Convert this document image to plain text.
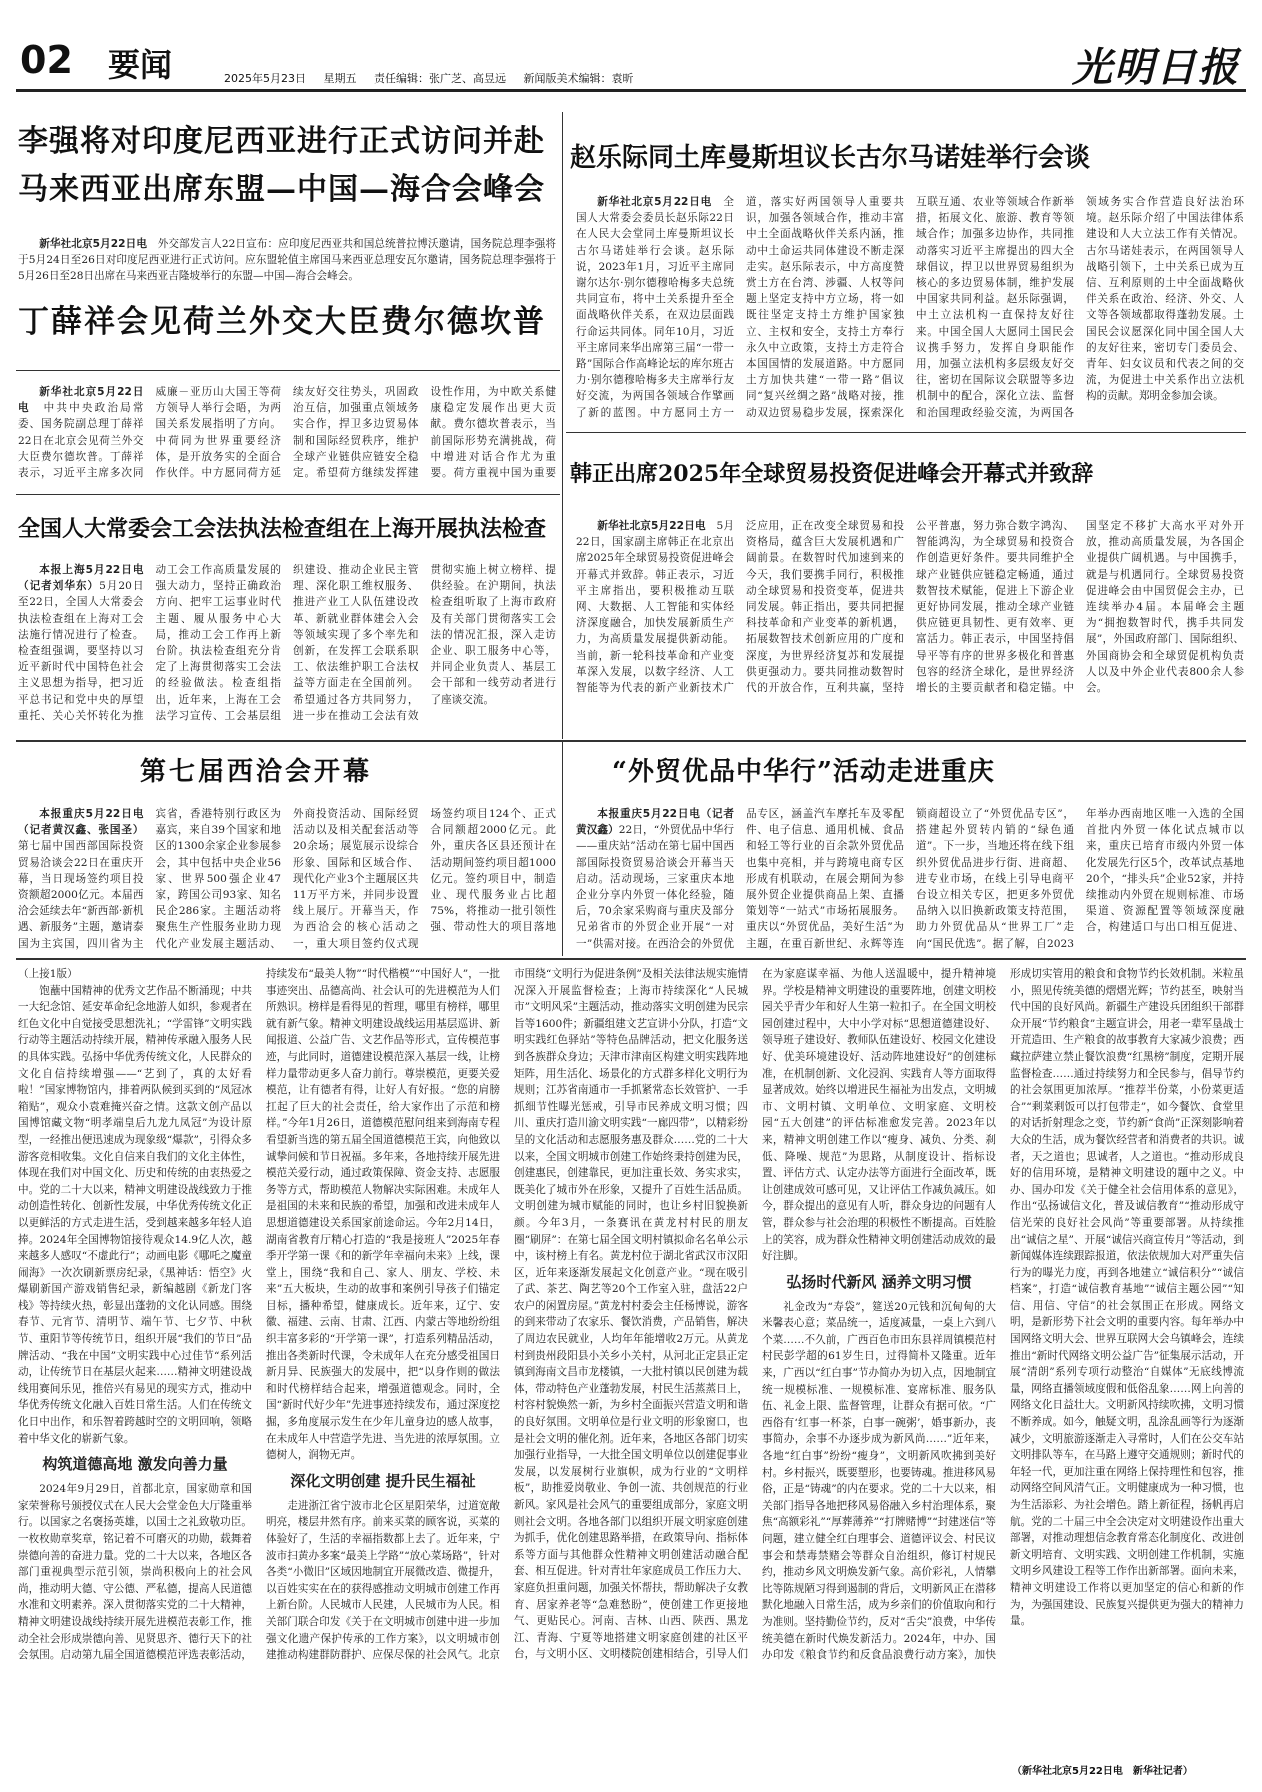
02 要闻	2025年5月23日 星期五 责任编辑：张广芝、高昱远 新闻版美术编辑：袁昕	光明日报
李强将对印度尼西亚进行正式访问并赴
马来西亚出席东盟—中国—海合会峰会

新华社北京5月22日电　 外交部发言人22日宣布：应印度尼西亚共和国总统普拉博沃邀请，国务院总理李强将于5月24日至26日对印度尼西亚进行正式访问。应东盟轮值主席国马来西亚总理安瓦尔邀请，国务院总理李强将于5月26日至28日出席在马来西亚吉隆坡举行的东盟—中国—海合会峰会。

丁薛祥会见荷兰外交大臣费尔德坎普

新华社北京5月22日电　 中共中央政治局常委、国务院副总理丁薛祥22日在北京会见荷兰外交大臣费尔德坎普。丁薛祥表示，习近平主席多次同威廉－亚历山大国王等荷方领导人举行会晤，为两国关系发展指明了方向。中荷同为世界重要经济体，是开放务实的全面合作伙伴。中方愿同荷方延续友好交往势头，巩固政治互信，加强重点领域务实合作，捍卫多边贸易体制和国际经贸秩序，维护全球产业链供应链安全稳定。希望荷方继续发挥建设性作用，为中欧关系健康稳定发展作出更大贡献。费尔德坎普表示，当前国际形势充满挑战，荷中增进对话合作尤为重要。荷方重视中国为重要

全国人大常委会工会法执法检查组在上海开展执法检查

本报上海5月22日电（记者刘华东）5月20日至22日，全国人大常委会执法检查组在上海对工会法施行情况进行了检查。检查组强调，要坚持以习近平新时代中国特色社会主义思想为指导，把习近平总书记和党中央的厚望重托、关心关怀转化为推动工会工作高质量发展的强大动力，坚持正确政治方向、把牢工运事业时代主题、履从服务中心大局，推动工会工作再上新台阶。执法检查组充分肯定了上海贯彻落实工会法的经验做法。检查组指出，近年来，上海在工会法学习宣传、工会基层组织建设、推动企业民主管理、深化职工维权服务、推进产业工人队伍建设改革、新就业群体建会入会等领域实现了多个率先和创新，在发挥工会联系职工、依法维护职工合法权益等方面走在全国前列。希望通过各方共同努力，进一步在推动工会法有效贯彻实施上树立榜样、提供经验。在沪期间，执法检查组听取了上海市政府及有关部门贯彻落实工会法的情况汇报，深入走访企业、职工服务中心等，并同企业负责人、基层工会干部和一线劳动者进行了座谈交流。

赵乐际同土库曼斯坦议长古尔马诺娃举行会谈

新华社北京5月22日电　 全国人大常委会委员长赵乐际22日在人民大会堂同土库曼斯坦议长古尔马诺娃举行会谈。赵乐际说，2023年1月，习近平主席同谢尔达尔·别尔德穆哈梅多夫总统共同宣布，将中土关系提升至全面战略伙伴关系，在双边层面践行命运共同体。同年10月，习近平主席同来华出席第三届“一带一路”国际合作高峰论坛的库尔班古力·别尔德穆哈梅多夫主席举行友好交流，为两国各领域合作擘画了新的蓝图。中方愿同土方一道，落实好两国领导人重要共识，加强各领域合作，推动丰富中土全面战略伙伴关系内涵，推动中土命运共同体建设不断走深走实。赵乐际表示，中方高度赞赏土方在台湾、涉疆、人权等问题上坚定支持中方立场，将一如既往坚定支持土方维护国家独立、主权和安全，支持土方奉行永久中立政策，支持土方走符合本国国情的发展道路。中方愿同土方加快共建“一带一路”倡议同“复兴丝绸之路”战略对接，推动双边贸易稳步发展，探索深化互联互通、农业等领域合作新举措，拓展文化、旅游、教育等领域合作；加强多边协作，共同推动落实习近平主席提出的四大全球倡议，捍卫以世界贸易组织为核心的多边贸易体制，维护发展中国家共同利益。赵乐际强调，中土立法机构一直保持友好往来。中国全国人大愿同土国民会议携手努力，发挥自身职能作用，加强立法机构多层级友好交往，密切在国际议会联盟等多边机制中的配合，深化立法、监督和治国理政经验交流，为两国各领域务实合作营造良好法治环境。赵乐际介绍了中国法律体系建设和人大立法工作有关情况。古尔马诺娃表示，在两国领导人战略引领下，土中关系已成为互信、互利原则的土中全面战略伙伴关系在政治、经济、外交、人文等各领域都取得蓬勃发展。土国民会议愿深化同中国全国人大的友好往来，密切专门委员会、青年、妇女议员和代表之间的交流，为促进土中关系作出立法机构的贡献。郑明金参加会谈。

韩正出席2025年全球贸易投资促进峰会开幕式并致辞

新华社北京5月22日电　 5月22日，国家副主席韩正在北京出席2025年全球贸易投资促进峰会开幕式并致辞。韩正表示，习近平主席指出，要积极推动互联网、大数据、人工智能和实体经济深度融合，加快发展新质生产力，为高质量发展提供新动能。当前，新一轮科技革命和产业变革深入发展，以数字经济、人工智能等为代表的新产业新技术广泛应用，正在改变全球贸易和投资格局，蕴含巨大发展机遇和广阔前景。在数智时代加速到来的今天，我们要携手同行，积极推动全球贸易和投资变革，促进共同发展。韩正指出，要共同把握科技革命和产业变革的新机遇，拓展数智技术创新应用的广度和深度，为世界经济复苏和发展提供更强动力。要共同推动数智时代的开放合作，互利共赢，坚持公平普惠，努力弥合数字鸿沟、智能鸿沟，为全球贸易和投资合作创造更好条件。要共同维护全球产业链供应链稳定畅通，通过数智技术赋能，促进上下游企业更好协同发展，推动全球产业链供应链更具韧性、更有效率、更富活力。韩正表示，中国坚持倡导平等有序的世界多极化和普惠包容的经济全球化，是世界经济增长的主要贡献者和稳定锚。中国坚定不移扩大高水平对外开放，推动高质量发展，为各国企业提供广阔机遇。与中国携手，就是与机遇同行。全球贸易投资促进峰会由中国贸促会主办，已连续举办4届。本届峰会主题为“拥抱数智时代，携手共同发展”，外国政府部门、国际组织、外国商协会和全球贸促机构负责人以及中外企业代表800余人参会。

第七届西洽会开幕

本报重庆5月22日电（记者黄汉鑫、张国圣）第七届中国西部国际投资贸易洽谈会22日在重庆开幕，当日现场签约项目投资额超2000亿元。本届西洽会延续去年“新西部·新机遇、新服务”主题，邀请泰国为主宾国，四川省为主宾省，香港特别行政区为嘉宾，来自39个国家和地区的1300余家企业参展参会，其中包括中央企业56家、世界500强企业47家，跨国公司93家、知名民企286家。主题活动将聚焦生产性服务业助力现代化产业发展主题活动、外商投资活动、国际经贸活动以及相关配套活动等20余场；展览展示设综合形象、国际和区域合作、现代化产业3个主题展区共11万平方米，并同步设置线上展厅。开幕当天，作为西洽会的核心活动之一，重大项目签约仪式现场签约项目124个、正式合同额超2000亿元。此外，重庆各区县还预计在活动期间签约项目超1000亿元。签约项目中，制造业、现代服务业占比超75%，将推动一批引领性强、带动性大的项目落地

“外贸优品中华行”活动走进重庆

本报重庆5月22日电（记者黄汉鑫）22日，“外贸优品中华行——重庆站”活动在第七届中国西部国际投资贸易洽谈会开幕当天启动。活动现场，三家重庆本地企业分享内外贸一体化经验，随后，70余家采购商与重庆及部分兄弟省市的外贸企业开展“一对一”供需对接。在西洽会的外贸优品专区，涵盖汽车摩托车及零配件、电子信息、通用机械、食品和轻工等行业的百余款外贸优品也集中亮相，并与跨境电商专区形成有机联动，在展会期间为参展外贸企业提供商品上架、直播策划等“一站式”市场拓展服务。重庆以“外贸优品，美好生活”为主题，在重百新世纪、永辉等连锁商超设立了“外贸优品专区”，搭建起外贸转内销的“绿色通道”。下一步，当地还将在线下组织外贸优品进步行街、进商超、进专业市场，在线上引导电商平台设立相关专区，把更多外贸优品纳入以旧换新政策支持范围，助力外贸优品从“世界工厂”走向“国民优选”。据了解，自2023年举办西南地区唯一入选的全国首批内外贸一体化试点城市以来，重庆已培育市级内外贸一体化发展先行区5个，改革试点基地20个，“排头兵”企业52家，并持续推动内外贸在规则标准、市场渠道、资源配置等领域深度融合，构建适口与出口相互促进、

（上接1版）

饱蘸中国精神的优秀文艺作品不断涌现；中共一大纪念馆、延安革命纪念地游人如织，参观者在红色文化中自觉接受思想洗礼；“学雷锋”文明实践行动等主题活动持续开展，精神传承融入服务人民的具体实践。弘扬中华优秀传统文化，人民群众的文化自信持续增强——“艺到了，真的太好看啦！”国家博物馆内，排着两队候到买到的“凤冠冰箱贴”，观众小袁难掩兴奋之情。这款文创产品以国博馆藏文物“明孝端皇后九龙九凤冠”为设计原型，一经推出便迅速成为现象级“爆款”，引得众多游客竞相收集。文化自信来自我们的文化主体性，体现在我们对中国文化、历史和传统的由衷热爱之中。党的二十大以来，精神文明建设战线致力于推动创造性转化、创新性发展，中华优秀传统文化正以更鲜活的方式走进生活，受到越来越多年轻人追捧。2024年全国博物馆接待观众14.9亿人次，越来越多人感叹“不虚此行”；动画电影《哪吒之魔童闹海》一次次刷新票房纪录，《黑神话：悟空》火爆刷新国产游戏销售纪录，新编越剧《新龙门客栈》等持续火热，彰显出蓬勃的文化认同感。围绕春节、元宵节、清明节、端午节、七夕节、中秋节、重阳节等传统节日，组织开展“我们的节日”品牌活动、“我在中国”文明实践中心过佳节“系列活动，让传统节日在基层火起来……精神文明建设战线用赛间乐见，推倍兴有易见的现实方式，推动中华优秀传统文化融入百姓日常生活。人们在传统文化日中出作，和乐智着跨越时空的文明回响，领略着中华文化的崭新气象。

构筑道德高地 激发向善力量

2024年9月29日，首都北京，国家勋章和国家荣誉称号颁授仪式在人民大会堂金色大厅隆重举行。以国家之名褒扬英雄，以国士之礼致敬功臣。一枚枚勋章奖章，铭记着不可磨灭的功勋，载舞着崇德向善的奋进力量。党的二十大以来，各地区各部门重视典型示范引领，崇尚积极向上的社会风尚，推动明大德、守公德、严私德，提高人民道德水准和文明素养。深入贯彻落实党的二十大精神，精神文明建设战线持续开展先进模范表彰工作，推动全社会形成崇德向善、见贤思齐、德行天下的社会氛围。启动第九届全国道德模范评选表彰活动，持续发布“最美人物”“时代楷模”“中国好人”，一批事迹突出、品德高尚、社会认可的先进模范为人们所熟识。榜样是看得见的哲理，哪里有榜样，哪里就有新气象。精神文明建设战线运用基层巡讲、新闻报道、公益广告、文艺作品等形式，宣传模范事迹，与此同时，道德建设模范深入基层一线，让榜样力量带动更多人奋力前行。尊崇模范，更要关爱模范，让有德者有得，让好人有好报。“您的肩膀扛起了巨大的社会责任，给大家作出了示范和榜样。”今年1月26日，道德模范慰问组来到海南专程看望新当选的第五届全国道德模范王宾，向他致以诚挚问候和节日祝福。多年来，各地持续开展先进模范关爱行动，通过政策保障、资金支持、志愿服务等方式，帮助模范人物解决实际困难。未成年人是祖国的未来和民族的希望，加强和改进未成年人思想道德建设关系国家前途命运。今年2月14日，湖南省教育厅精心打造的“我是接班人”2025年春季开学第一课《和的新学年幸福向未来》上线，课堂上，围绕“我和自己、家人、朋友、学校、未来”五大板块，生动的故事和案例引导孩子们锚定目标，播种希望，健康成长。近年来，辽宁、安徽、福建、云南、甘肃、江西、内蒙古等地纷纷组织丰富多彩的“开学第一课”，打造系列精品活动，推出各类新时代课，令未成年人在充分感受祖国日新月异、民族强大的发展中，把“以身作则的做法和时代榜样结合起来，增强道德观念。同时，全国“新时代好少年”先进事迹持续发布，通过深度挖掘，多角度展示发生在少年儿童身边的感人故事，在未成年人中营造学先进、当先进的浓厚氛围。立德树人，润物无声。

深化文明创建 提升民生福祉

走进浙江省宁波市北仑区星阳荣华，过道宽敞明亮，楼层井然有序。前来买菜的顾客说，买菜的体验好了，生活的幸福指数都上去了。近年来，宁波市扫黄办多案“最美上学路”“放心菜场路”，针对各类“小微旧”区域因地制宜开展微改造、微提升，以百姓实实在在的获得感推动文明城市创建工作再上新台阶。人民城市人民建，人民城市为人民。相关部门联合印发《关于在文明城市创建中进一步加强文化遗产保护传承的工作方案》，以文明城市创建推动构建群防群护、应保尽保的社会风气。北京市围绕“文明行为促进条例”及相关法律法规实施情况深入开展监督检查；上海市持续深化“人民城市”文明风采”主题活动，推动落实文明创建为民宗旨等1600件；新疆组建文艺宣讲小分队，打造“文明实践红色驿站”等特色品牌活动，把文化服务送到各族群众身边；天津市津南区构建文明实践阵地矩阵，用生活化、场景化的方式群多样化文明行为规则；江苏省南通市一手抓紧常态长效管护、一手抓细节性曝光惩戒，引导市民养成文明习惯；四川、重庆打造川渝文明实践“一廊四带”，以精彩纷呈的文化活动和志愿服务惠及群众……党的二十大以来，全国文明城市创建工作始终秉持创建为民，创建惠民，创建靠民，更加注重长效、务实求实，既美化了城市外在形象，又提升了百姓生活品质。文明创建为城市赋能的同时，也让乡村旧貌换新颜。今年3月，一条赛讯在黄龙村村民的朋友圈“刷屏”：在第七届全国文明村镇拟命名名单公示中，该村榜上有名。黄龙村位于湖北省武汉市汉阳区，近年来逐渐发展起文化创意产业。“现在吸引了武、茶艺、陶艺等20个工作室入驻，盘活22户农户的闲置房屋。”黄龙村村委会主任杨博说，游客的到来带动了农家乐、餐饮消费，产品销售，解决了周边农民就业，人均年年能增收2万元。从黄龙村到贵州段阳县小关乡小关村，从河北正定县正定镇到海南文昌市龙楼镇，一大批村镇以民创建为载体，带动特色产业蓬勃发展，村民生活蒸蒸日上，村容村貌焕然一新，为乡村全面振兴营造文明和谐的良好氛围。文明单位是行业文明的形象窗口，也是社会文明的催化剂。近年来，各地区各部门切实加强行业指导，一大批全国文明单位以创建促事业发展，以发展树行业旗帜，成为行业的“文明样板”，助推爱岗敬业、争创一流、共创规范的行业新风。家风是社会风气的重要组成部分，家庭文明则社会文明。各地各部门以组织开展文明家庭创建为抓手，优化创建思路举措，在政策导向、指标体系等方面与其他群众性精神文明创建活动融合配套、相互促进。针对青壮年家庭成员工作压力大、家庭负担重问题，加强关怀帮扶，帮助解决子女教育、居家养老等“急难愁盼”，使创建工作更接地气、更贴民心。河南、吉林、山西、陕西、黑龙江、青海、宁夏等地搭建文明家庭创建的社区平台，与文明小区、文明楼院创建相结合，引导人们在为家庭谋幸福、为他人送温暖中，提升精神境界。学校是精神文明建设的重要阵地，创建文明校园关乎青少年和好人生第一粒扣子。在全国文明校园创建过程中，大中小学对标“思想道德建设好、领导班子建设好、教师队伍建设好、校园文化建设好、优美环境建设好、活动阵地建设好”的创建标准，在机制创新、文化浸润、实践育人等方面取得显著成效。始终以增进民生福祉为出发点，文明城市、文明村镇、文明单位、文明家庭、文明校园“五大创建”的评估标准愈发完善。2023年以来，精神文明创建工作以“瘦身、减负、分类、刹低、降噪、规范”为思路，从制度设计、指标设置、评估方式、认定办法等方面进行全面改革，既让创建成效可感可见，又让评估工作减负减压。如今，群众提出的意见有人听，群众身边的问题有人管，群众参与社会治理的积极性不断提高。百姓脸上的笑容，成为群众性精神文明创建活动成效的最好注脚。

弘扬时代新风 涵养文明习惯

礼金改为“寿袋”，筵送20元钱和沉甸甸的大米馨表心意；菜品统一，适度减量，一桌上六到八个菜……不久前，广西百色市田东县祥周镇模范村村民彭学超的61岁生日，过得简朴又隆重。近年来，广西以“红白事”节办简办为切入点，因地制宜统一规模标准、一规模标准、宴席标准、服务队伍、礼金上限、监督管理，让群众有据可依。“广西俗有‘红事一杯茶，白事一碗粥’，婚事新办，丧事简办，余事不办逐步成为新风尚……”近年来，各地“红白事”纷纷“瘦身”，文明新风吹拂到美好村。乡村振兴，既要塑形，也要铸魂。推进移风易俗，正是“铸魂”的内在要求。党的二十大以来，相关部门指导各地把移风易俗融入乡村治理体系，聚焦“高额彩礼”“厚葬薄养”“打牌赌博”“封建迷信”等问题，建立健全红白理事会、道德评议会、村民议事会和禁毒禁赌会等群众自治组织，修订村规民约，推动乡风文明焕发新气象。高价彩礼，人情攀比等陈规陋习得到遏制的背后，文明新风正在潜移默化地融入日常生活，成为乡亲们的价值取向和行为准则。坚持勤俭节约，反对“舌尖”浪费，中华传统美德在新时代焕发新活力。2024年，中办、国办印发《粮食节约和反食品浪费行动方案》，加快形成切实管用的粮食和食物节约长效机制。米粒虽小，照见传统美德的熠熠光辉；节约甚至，映射当代中国的良好风尚。新疆生产建设兵团组织干部群众开展“节约粮食”主题宣讲会，用老一辈军垦战士开荒造田、生产粮食的故事教育大家减少浪费；西藏拉萨建立禁止餐饮浪费“红黑榜”制度，定期开展监督检查……通过持续努力和全民参与，倡导节约的社会氛围更加浓厚。“推荐半份菜，小份菜更适合”“剩菜剩饭可以打包带走”，如今餐饮、食堂里的对话折射理念之变，节约新“食尚”正深刻影响着大众的生活，成为餐饮经营者和消费者的共识。诚者，天之道也；思诚者，人之道也。“推动形成良好的信用环境，是精神文明建设的题中之义。中办、国办印发《关于健全社会信用体系的意见》，作出“弘扬诚信文化，普及诚信教育”“推动形成守信光荣的良好社会风尚”等重要部署。从持续推出“诚信之星”、开展“诚信兴商宣传月”等活动，到新闻媒体连续跟踪报道，依法依规加大对严重失信行为的曝光力度，再到各地建立“诚信积分”“诚信档案”，打造“诚信教育基地”“诚信主题公园”“知信、用信、守信”的社会氛围正在形成。网络文明，是新形势下社会文明的重要内容。每年举办中国网络文明大会、世界互联网大会乌镇峰会，连续推出“新时代网络文明公益广告”征集展示活动，开展“清朗”系列专项行动整治“自媒体”无底线博流量，网络直播领域度假和低俗乱象……网上向善的网络文化日益壮大。文明新风持续吹拂，文明习惯不断养成。如今，触疑文明，乱涂乱画等行为逐渐减少，文明旅游逐渐走入寻常时，人们在公交车站文明排队等车，在马路上遵守交通规则；新时代的年轻一代，更加注重在网络上保持理性和包容，推动网络空间风清气正。文明健康成为一种习惯，也为生活添彩、为社会增色。踏上新征程，扬帆再启航。党的二十届三中全会决定对文明建设作出重大部署，对推动理想信念教育常态化制度化、改进创新文明培育、文明实践、文明创建工作机制，实施文明乡风建设工程等工作作出新部署。面向未来，精神文明建设工作将以更加坚定的信心和新的作为，为强国建设、民族复兴提供更为强大的精神力量。

（新华社北京5月22日电　新华社记者）
